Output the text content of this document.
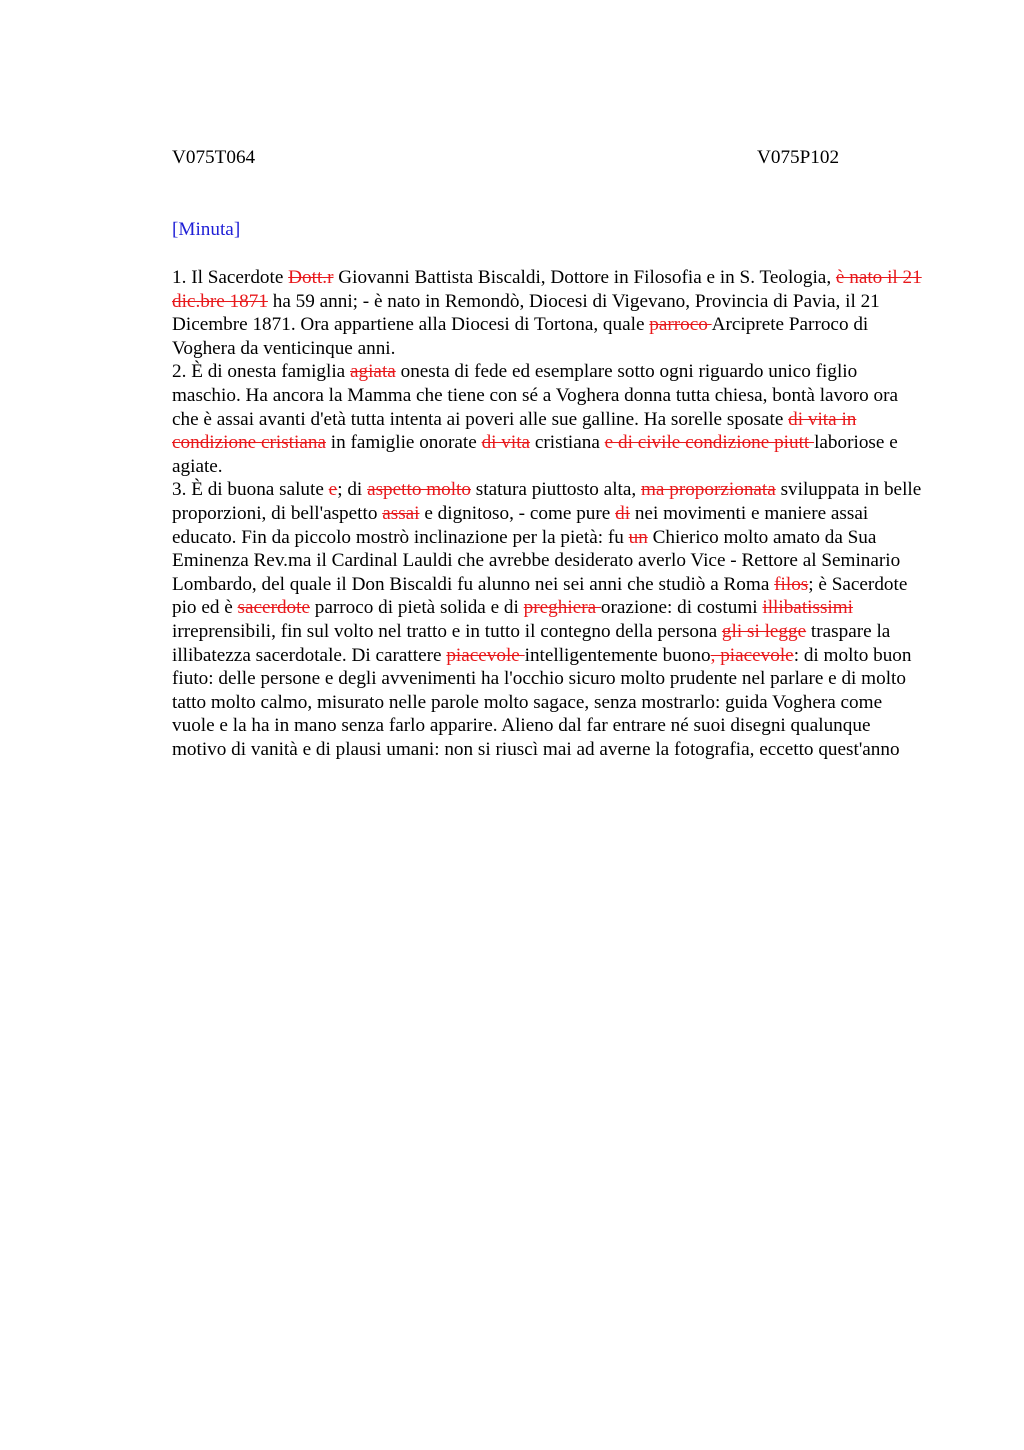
V075T064	V075P102
[Minuta]

1. Il Sacerdote Dott.r Giovanni Battista Biscaldi, Dottore in Filosofia e in S. Teologia, è nato il 21 dic.bre 1871 ha 59 anni; - è nato in Remondò, Diocesi di Vigevano, Provincia di Pavia, il 21 Dicembre 1871. Ora appartiene alla Diocesi di Tortona, quale parroco Arciprete Parroco di Voghera da venticinque anni.

2. È di onesta famiglia agiata onesta di fede ed esemplare sotto ogni riguardo unico figlio maschio. Ha ancora la Mamma che tiene con sé a Voghera donna tutta chiesa, bontà lavoro ora che è assai avanti d'età tutta intenta ai poveri alle sue galline. Ha sorelle sposate di vita in condizione cristiana in famiglie onorate di vita cristiana e di civile condizione piutt laboriose e agiate.

3. È di buona salute e; di aspetto molto statura piuttosto alta, ma proporzionata sviluppata in belle proporzioni, di bell'aspetto assai e dignitoso, - come pure di nei movimenti e maniere assai educato. Fin da piccolo mostrò inclinazione per la pietà: fu un Chierico molto amato da Sua Eminenza Rev.ma il Cardinal Lauldi che avrebbe desiderato averlo Vice - Rettore al Seminario Lombardo, del quale il Don Biscaldi fu alunno nei sei anni che studiò a Roma filos; è Sacerdote pio ed è sacerdote parroco di pietà solida e di preghiera orazione: di costumi illibatissimi irreprensibili, fin sul volto nel tratto e in tutto il contegno della persona gli si legge traspare la illibatezza sacerdotale. Di carattere piacevole intelligentemente buono, piacevole: di molto buon fiuto: delle persone e degli avvenimenti ha l'occhio sicuro molto prudente nel parlare e di molto tatto molto calmo, misurato nelle parole molto sagace, senza mostrarlo: guida Voghera come vuole e la ha in mano senza farlo apparire. Alieno dal far entrare né suoi disegni qualunque motivo di vanità e di plausi umani: non si riuscì mai ad averne la fotografia, eccetto quest'anno
